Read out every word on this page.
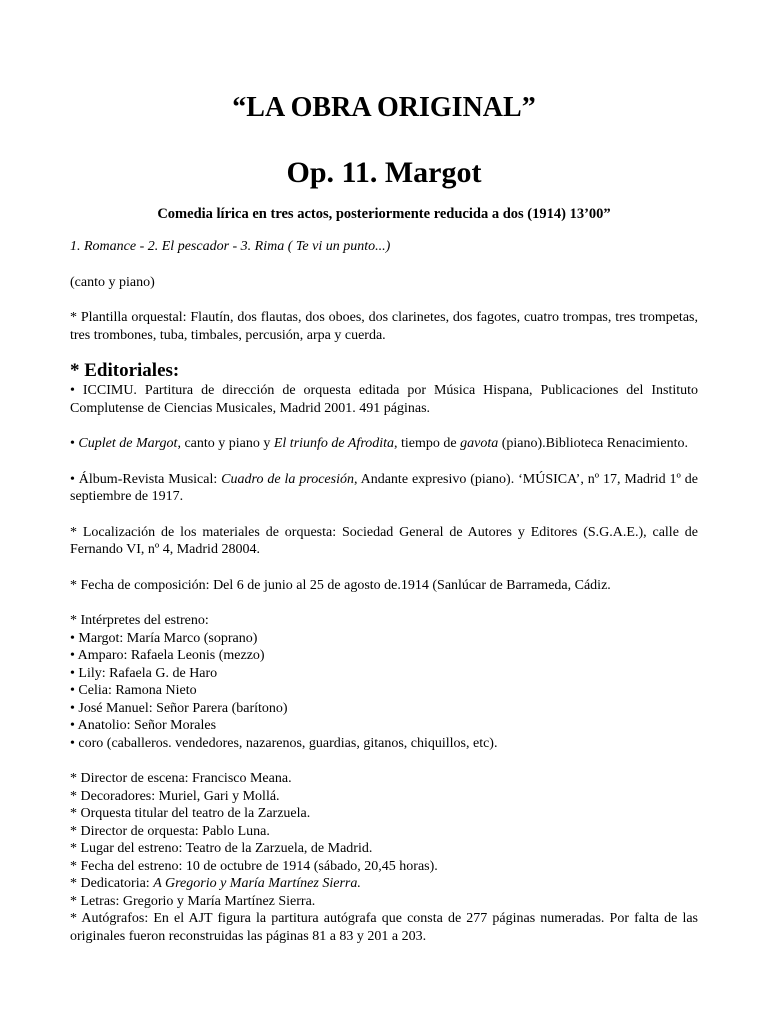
“LA OBRA ORIGINAL”
Op. 11. Margot

Comedia lírica en tres actos, posteriormente reducida a dos (1914) 13’00”

1. Romance - 2. El pescador - 3. Rima ( Te vi un punto...)

(canto y piano)

* Plantilla orquestal: Flautín, dos flautas, dos oboes, dos clarinetes, dos fagotes, cuatro trompas, tres trompetas, tres trombones, tuba, timbales, percusión, arpa y cuerda.

* Editoriales:

• ICCIMU. Partitura de dirección de orquesta editada por Música Hispana, Publicaciones del Instituto Complutense de Ciencias Musicales, Madrid 2001. 491 páginas.

• Cuplet de Margot, canto y piano y El triunfo de Afrodita, tiempo de gavota (piano).Biblioteca Renacimiento.

• Álbum-Revista Musical: Cuadro de la procesión, Andante expresivo (piano). ‘MÚSICA’, nº 17, Madrid 1º de septiembre de 1917.

* Localización de los materiales de orquesta: Sociedad General de Autores y Editores (S.G.A.E.), calle de Fernando VI, nº 4, Madrid 28004.

* Fecha de composición: Del 6 de junio al 25 de agosto de.1914 (Sanlúcar de Barrameda, Cádiz.

* Intérpretes del estreno:

• Margot: María Marco (soprano)
• Amparo: Rafaela Leonis (mezzo)
• Lily: Rafaela G. de Haro
• Celia: Ramona Nieto
• José Manuel: Señor Parera (barítono)
• Anatolio: Señor Morales
• coro (caballeros. vendedores, nazarenos, guardias, gitanos, chiquillos, etc).
* Director de escena: Francisco Meana.
* Decoradores: Muriel, Gari y Mollá.
* Orquesta titular del teatro de la Zarzuela.
* Director de orquesta: Pablo Luna.
* Lugar del estreno: Teatro de la Zarzuela, de Madrid.
* Fecha del estreno: 10 de octubre de 1914 (sábado, 20,45 horas).
* Dedicatoria: A Gregorio y María Martínez Sierra.
* Letras: Gregorio y María Martínez Sierra.

* Autógrafos: En el AJT figura la partitura autógrafa que consta de 277 páginas numeradas. Por falta de las originales fueron reconstruidas las páginas 81 a 83 y 201 a 203.
